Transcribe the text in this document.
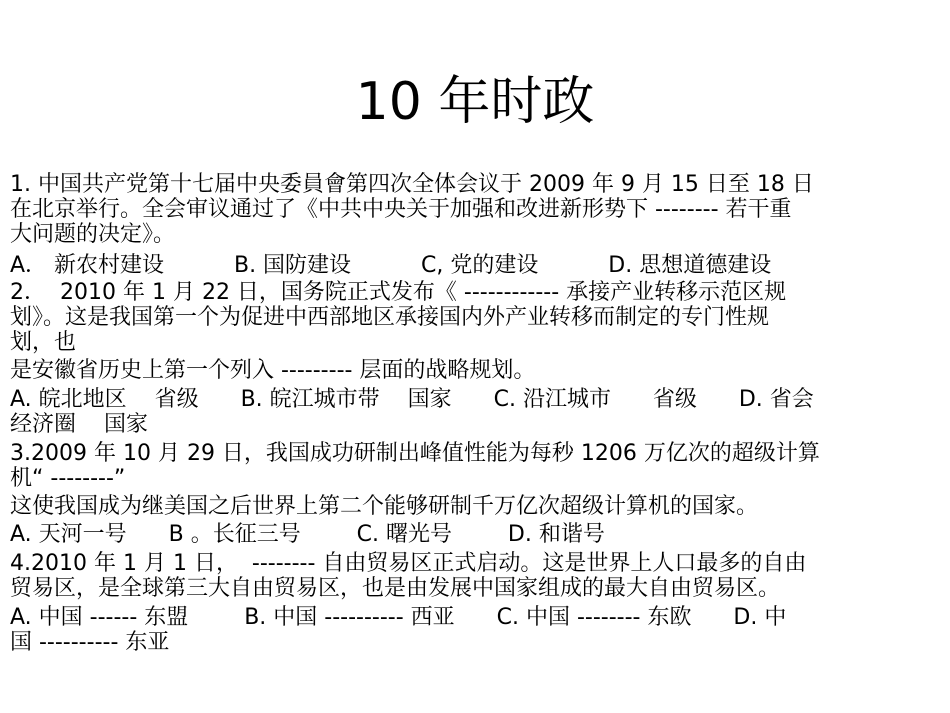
10 年时政
1. 中国共产党第十七届中央委員會第四次全体会议于 2009 年 9 月 15 日至 18 日
在北京举行。全会审议通过了《中共中央关于加强和改进新形势下 -------- 若干重
大问题的决定》。
A． 新农村建设          B. 国防建设          C, 党的建设          D. 思想道德建设
2．  2010 年 1 月 22 日，国务院正式发布《 ------------ 承接产业转移示范区规
划》。这是我国第一个为促进中西部地区承接国内外产业转移而制定的专门性规
划，也
是安徽省历史上第一个列入 --------- 层面的战略规划。
A. 皖北地区    省级      B. 皖江城市带    国家      C. 沿江城市      省级      D. 省会
经济圈    国家
3.2009 年 10 月 29 日，我国成功研制出峰值性能为每秒 1206 万亿次的超级计算
机“ --------”
这使我国成为继美国之后世界上第二个能够研制千万亿次超级计算机的国家。
A. 天河一号      B 。长征三号        C. 曙光号        D. 和谐号
4.2010 年 1 月 1 日，  -------- 自由贸易区正式启动。这是世界上人口最多的自由
贸易区，是全球第三大自由贸易区，也是由发展中国家组成的最大自由贸易区。
A. 中国 ------ 东盟        B. 中国 ---------- 西亚      C. 中国 -------- 东欧      D. 中
国 ---------- 东亚
